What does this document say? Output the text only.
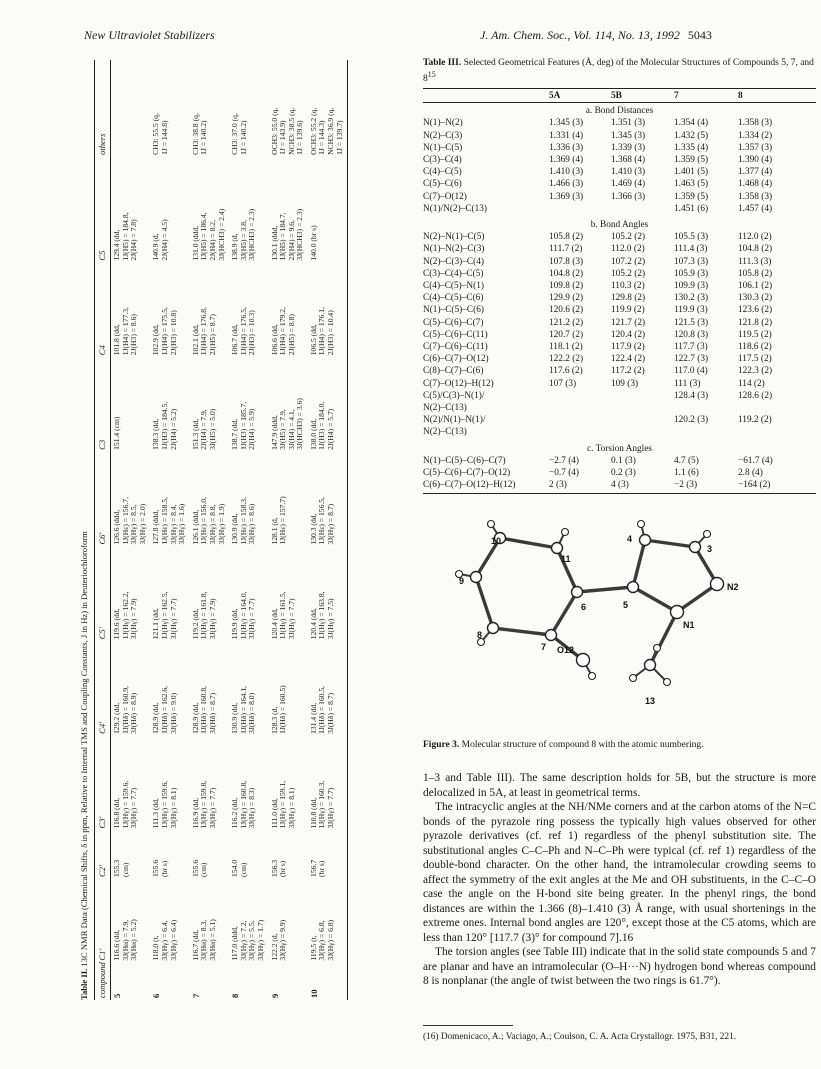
New Ultraviolet Stabilizers	J. Am. Chem. Soc., Vol. 114, No. 13, 1992 5043
Table II. 13C NMR Data (Chemical Shifts, δ in ppm, Relative to Internal TMS and Coupling Constants, J in Hz) in Deuteriochloroform
compound	C1'	C2'	C3'	C4'	C5'	C6'	C3	C4	C5	others
5	116.6 (dd, 3J(Hα) = 7.9, 3J(Hα) = 5.2)	155.3 (cm)	116.8 (dd, 1J(Hγ) = 159.6, 3J(Hγ) = 7.7)	129.2 (dd, 1J(Hδ) = 160.9, 3J(Hδ) = 8.9)	119.6 (dd, 1J(Hγ) = 162.2, 3J(Hγ) = 7.9)	126.6 (ddd, 1J(Hε) = 156.7, 3J(Hγ) = 8.5, 3J(Hγ) = 2.0)	151.4 (cm)	101.8 (dd, 1J(H4) = 177.3, 2J(H3) = 8.6)	129.4 (dd, 1J(H5) = 184.8, 2J(H4) = 7.8)	

6	118.0 (t, 3J(Hγ) = 6.4, 3J(Hγ) = 6.4)	155.6 (br s)	111.3 (dd, 1J(Hγ) = 159.6, 3J(Hγ) = 8.1)	128.9 (dd, 1J(Hδ) = 162.6, 3J(Hδ) = 9.0)	121.1 (dd, 1J(Hγ) = 162.5, 3J(Hγ) = 7.7)	127.8 (ddd, 1J(Hε) = 158.5, 3J(Hγ) = 8.4, 3J(Hγ) = 1.6)	138.3 (dd, 1J(H3) = 184.5, 2J(H4) = 5.2)	102.9 (dd, 1J(H4) = 175.5, 2J(H3) = 10.8)	140.9 (d, 2J(H4) = 4.5)	CH3: 55.5 (q, 1J = 144.8)

7	116.7 (dd, 3J(Hα) = 8.3, 3J(Hα) = 5.1)	155.6 (cm)	116.9 (dd, 1J(Hγ) = 159.8, 3J(Hγ) = 7.7)	128.9 (dd, 1J(Hδ) = 160.8, 3J(Hδ) = 8.7)	119.2 (dd, 1J(Hγ) = 161.8, 3J(Hγ) = 7.9)	126.1 (ddd, 1J(Hε) = 156.0, 3J(Hγ) = 8.8, 3J(Hγ) = 1.9)	151.3 (dd, 2J(H4) = 7.9, 3J(H5) = 5.0)	102.1 (dd, 1J(H4) = 176.8, 2J(H5) = 8.7)	131.0 (ddd, 1J(H5) = 186.4, 2J(H4) = 8.2, 3J(HCH3) = 2.4)	CH3: 38.8 (q, 1J = 140.2)

8	117.0 (ddd, 3J(Hγ) = 7.2, 3J(Hγ) = 5.5, 3J(Hγ) = 1.7)	154.0 (cm)	116.2 (dd, 1J(Hγ) = 160.8, 3J(Hγ) = 8.3)	130.9 (dd, 1J(Hδ) = 164.1, 3J(Hδ) = 8.0)	119.9 (dd, 1J(Hγ) = 164.0, 3J(Hγ) = 7.7)	130.9 (dd, 1J(Hε) = 158.3, 3J(Hγ) = 8.6)	138.7 (dd, 1J(H3) = 185.7, 2J(H4) = 5.9)	106.7 (dd, 1J(H4) = 176.5, 2J(H3) = 10.3)	138.9 (d, 3J(H5) = 3.8, 3J(HCH3) = 2.3)	CH3: 37.0 (q, 1J = 140.2)

9	122.2 (d, 3J(Hγ) = 9.9)	156.3 (br s)	111.0 (dd, 1J(Hγ) = 159.1, 3J(Hγ) = 8.1)	128.3 (d, 1J(Hδ) = 160.5)	120.4 (dd, 1J(Hγ) = 161.5, 3J(Hγ) = 7.7)	128.1 (d, 1J(Hε) = 157.7)	147.9 (ddd, 3J(H5) = 7.9, 3J(H4) = 4.1, 3J(HCH3) = 3.6)	106.6 (dd, 1J(H4) = 179.2, 2J(H5) = 8.8)	130.1 (ddd, 1J(H5) = 184.7, 2J(H4) = 9.6, 3J(HCH3) = 2.3)	OCH3: 55.0 (q, 1J = 143.9) NCH3: 38.5 (q, 1J = 139.6)

10	119.5 (t, 3J(Hγ) = 6.8, 3J(Hγ) = 6.8)	156.7 (br s)	110.8 (dd, 1J(Hγ) = 160.3, 3J(Hγ) = 7.7)	131.4 (dd, 1J(Hδ) = 160.5, 3J(Hδ) = 8.7)	120.4 (dd, 1J(Hγ) = 163.8, 3J(Hγ) = 7.5)	130.3 (dd, 1J(Hε) = 156.5, 3J(Hγ) = 8.7)	138.0 (dd, 1J(H3) = 184.0, 2J(H4) = 5.7)	106.5 (dd, 1J(H4) = 176.1, 2J(H3) = 10.4)	140.0 (br s)	OCH3: 55.2 (q, 1J = 144.3) NCH3: 36.9 (q, 1J = 139.7)
Table III. Selected Geometrical Features (Å, deg) of the Molecular Structures of Compounds 5, 7, and $8^{15}$
	5A	5B	7	8
a. Bond Distances				
N(1)–N(2)	1.345 (3)	1.351 (3)	1.354 (4)	1.358 (3)
N(2)–C(3)	1.331 (4)	1.345 (3)	1.432 (5)	1.334 (2)
N(1)–C(5)	1.336 (3)	1.339 (3)	1.335 (4)	1.357 (3)
C(3)–C(4)	1.369 (4)	1.368 (4)	1.359 (5)	1.390 (4)
C(4)–C(5)	1.410 (3)	1.410 (3)	1.401 (5)	1.377 (4)
C(5)–C(6)	1.466 (3)	1.469 (4)	1.463 (5)	1.468 (4)
C(7)–O(12)	1.369 (3)	1.366 (3)	1.359 (5)	1.358 (3)
N(1)/N(2)–C(13)			1.451 (6)	1.457 (4)
b. Bond Angles				
N(2)–N(1)–C(5)	105.8 (2)	105.2 (2)	105.5 (3)	112.0 (2)
N(1)–N(2)–C(3)	111.7 (2)	112.0 (2)	111.4 (3)	104.8 (2)
N(2)–C(3)–C(4)	107.8 (3)	107.2 (2)	107.3 (3)	111.3 (3)
C(3)–C(4)–C(5)	104.8 (2)	105.2 (2)	105.9 (3)	105.8 (2)
C(4)–C(5)–N(1)	109.8 (2)	110.3 (2)	109.9 (3)	106.1 (2)
C(4)–C(5)–C(6)	129.9 (2)	129.8 (2)	130.2 (3)	130.3 (2)
N(1)–C(5)–C(6)	120.6 (2)	119.9 (2)	119.9 (3)	123.6 (2)
C(5)–C(6)–C(7)	121.2 (2)	121.7 (2)	121.5 (3)	121.8 (2)
C(5)–C(6)–C(11)	120.7 (2)	120.4 (2)	120.8 (3)	119.5 (2)
C(7)–C(6)–C(11)	118.1 (2)	117.9 (2)	117.7 (3)	118.6 (2)
C(6)–C(7)–O(12)	122.2 (2)	122.4 (2)	122.7 (3)	117.5 (2)
C(8)–C(7)–C(6)	117.6 (2)	117.2 (2)	117.0 (4)	122.3 (2)
C(7)–O(12)–H(12)	107 (3)	109 (3)	111 (3)	114 (2)
C(5)/C(3)–N(1)/			128.4 (3)	128.6 (2)
N(2)–C(13)				
N(2)/N(1)–N(1)/			120.2 (3)	119.2 (2)
N(2)–C(13)				
c. Torsion Angles				
N(1)–C(5)–C(6)–C(7)	−2.7 (4)	0.1 (3)	4.7 (5)	−61.7 (4)
C(5)–C(6)–C(7)–O(12)	−0.7 (4)	0.2 (3)	1.1 (6)	2.8 (4)
C(6)–C(7)–O(12)–H(12)	2 (3)	4 (3)	−2 (3)	−164 (2)
10
11
9
6	5
8
7 O12
4
3
N2
N1
13
Figure 3. Molecular structure of compound 8 with the atomic numbering.

1–3 and Table III). The same description holds for 5B, but the structure is more delocalized in 5A, at least in geometrical terms.

The intracyclic angles at the NH/NMe corners and at the carbon atoms of the N=C bonds of the pyrazole ring possess the typically high values observed for other pyrazole derivatives (cf. ref 1) regardless of the phenyl substitution site. The substitutional angles C–C–Ph and N–C–Ph were typical (cf. ref 1) regardless of the double-bond character. On the other hand, the intramolecular crowding seems to affect the symmetry of the exit angles at the Me and OH substituents, in the C–C–O case the angle on the H-bond site being greater. In the phenyl rings, the bond distances are within the 1.366 (8)–1.410 (3) Å range, with usual shortenings in the extreme ones. Internal bond angles are 120°, except those at the C5 atoms, which are less than 120° [117.7 (3)° for compound 7].16

The torsion angles (see Table III) indicate that in the solid state compounds 5 and 7 are planar and have an intramolecular (O–H···N) hydrogen bond whereas compound 8 is nonplanar (the angle of twist between the two rings is 61.7°).

(16) Domenicaco, A.; Vaciago, A.; Coulson, C. A. Acta Crystallogr. 1975, B31, 221.
